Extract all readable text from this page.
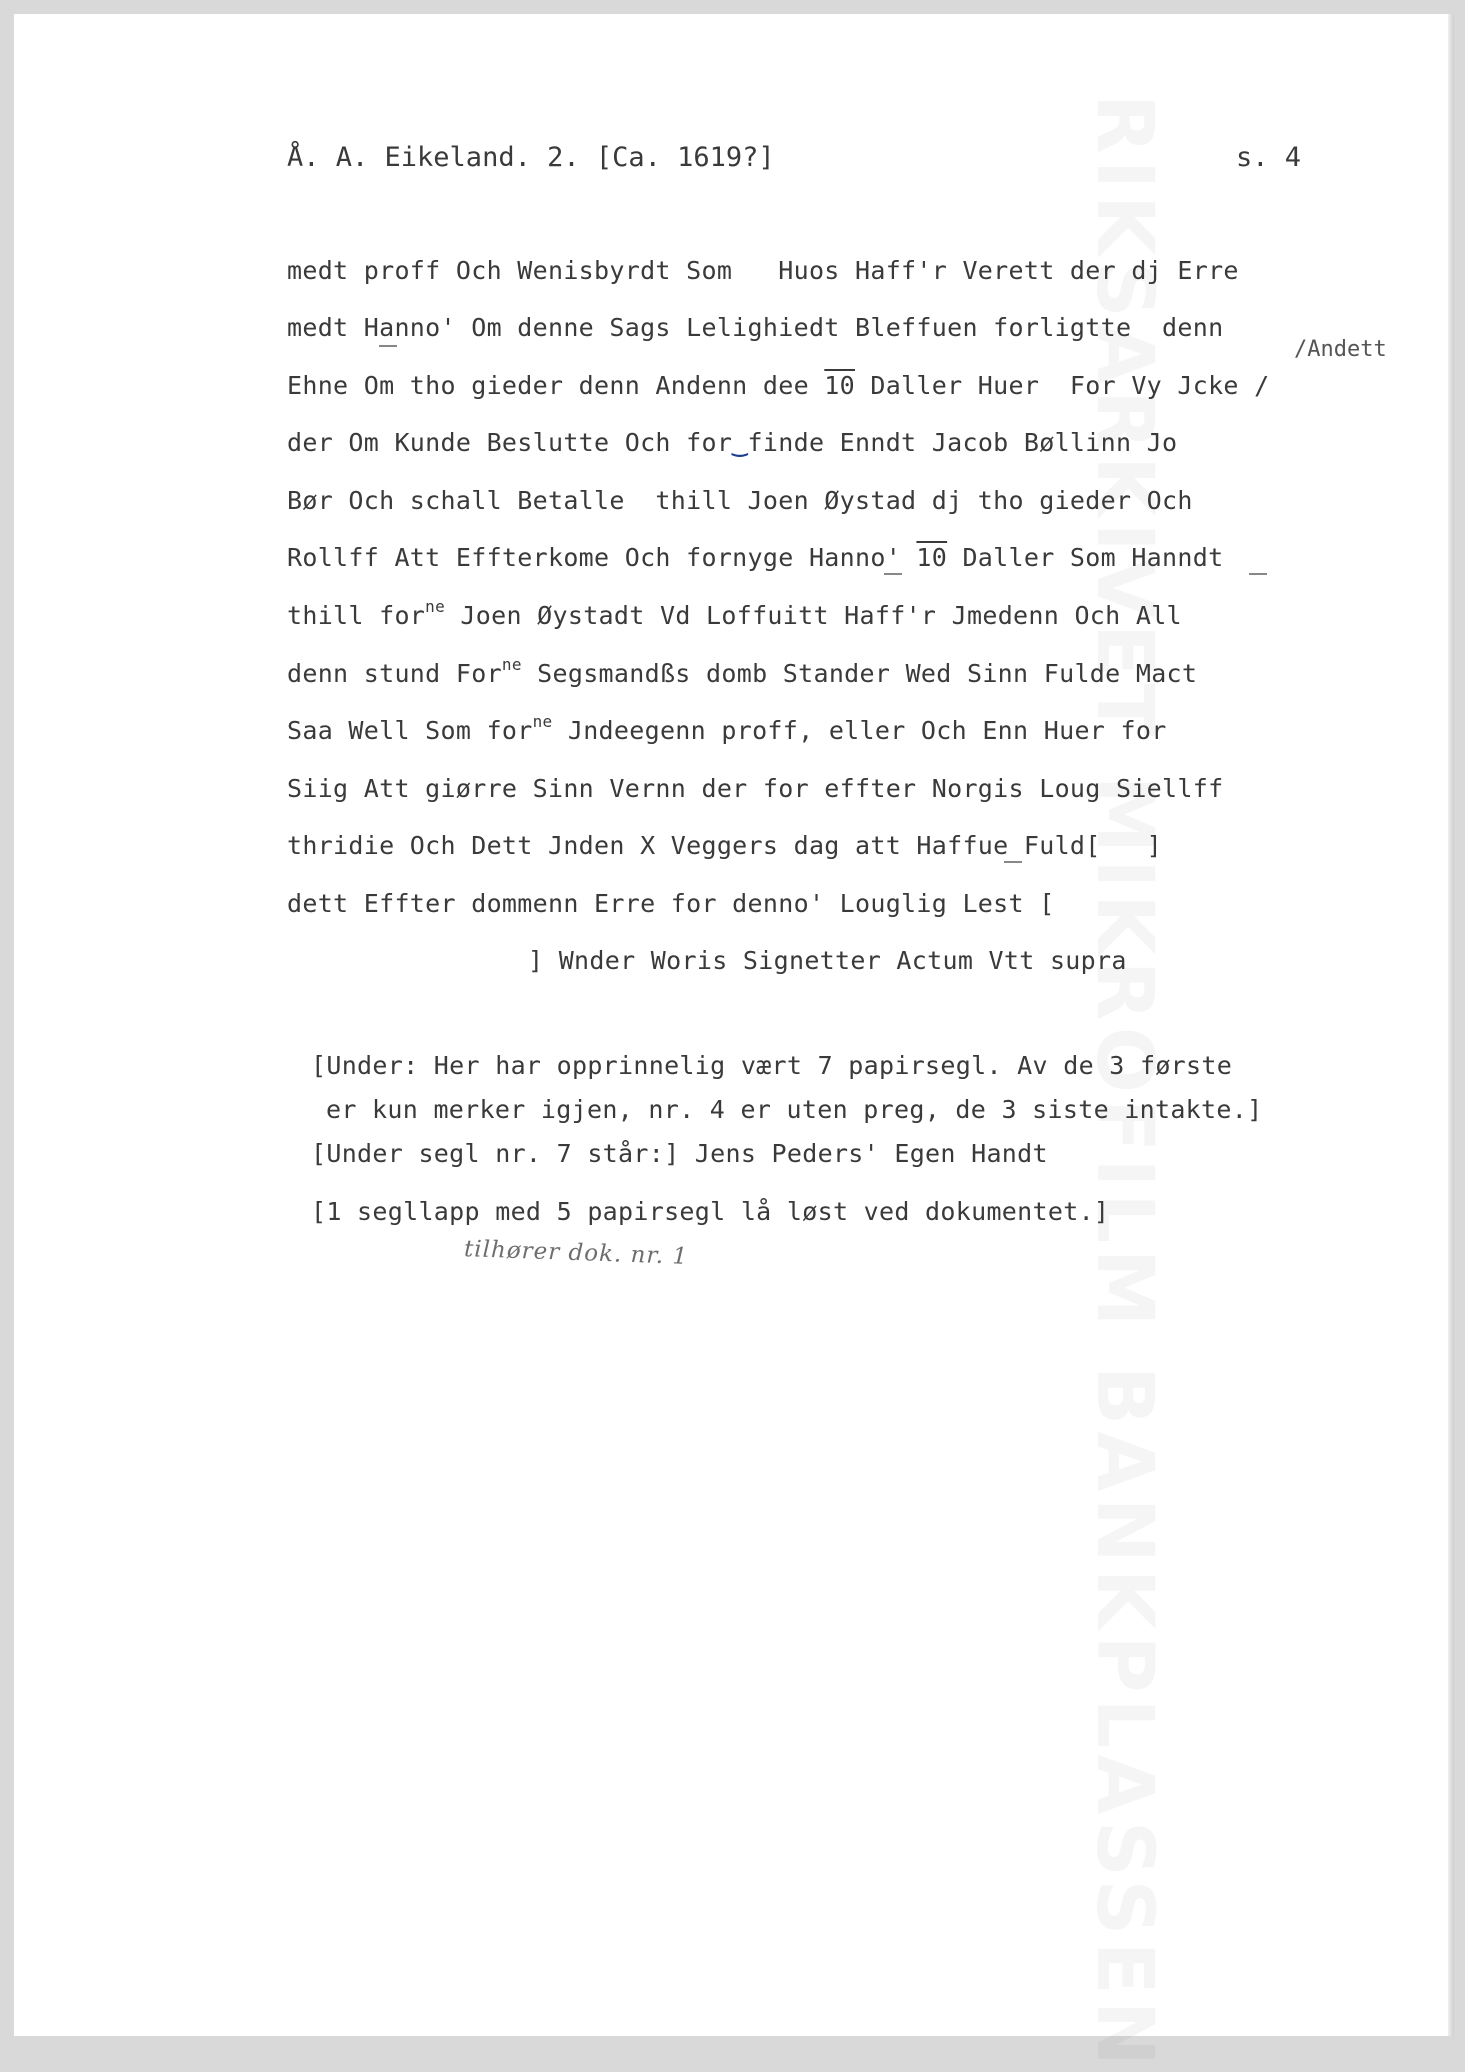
Å. A. Eikeland. 2. [Ca. 1619?]	s. 4
/Andett
medt proff Och Wenisbyrdt Som   Huos Haff'r Verett der dj Erre
medt Hanno' Om denne Sags Lelighiedt Bleffuen forligtte  denn
Ehne Om tho gieder denn Andenn dee 10 Daller Huer  For Vy Jcke /
der Om Kunde Beslutte Och for‿finde Enndt Jacob Bøllinn Jo
Bør Och schall Betalle  thill Joen Øystad dj tho gieder Och
Rollff Att Effterkome Och fornyge Hanno' 10 Daller Som Hanndt
thill for$^{ne}$ Joen Øystadt Vd Loffuitt Haff'r Jmedenn Och All
denn stund For$^{ne}$ Segsmandßs domb Stander Wed Sinn Fulde Mact
Saa Well Som for$^{ne}$ Jndeegenn proff, eller Och Enn Huer for
Siig Att giørre Sinn Vernn der for effter Norgis Loug Siellff
thridie Och Dett Jnden X Veggers dag att Haffue Fuld[   ]
dett Effter dommenn Erre for denno' Louglig Lest [
] Wnder Woris Signetter Actum Vtt supra
[Under: Her har opprinnelig vært 7 papirsegl. Av de 3 første
er kun merker igjen, nr. 4 er uten preg, de 3 siste intakte.]
[Under segl nr. 7 står:] Jens Peders' Egen Handt
[1 segllapp med 5 papirsegl lå løst ved dokumentet.]
tilhører dok. nr. 1
